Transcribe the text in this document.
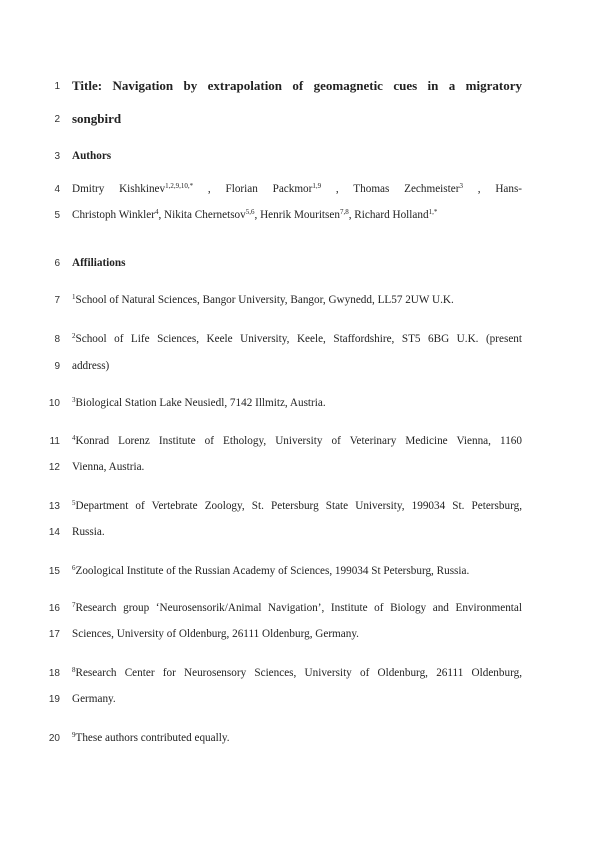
1
2
3
4
5
6
7
8
9
10
11
12
13
14
15
16
17
18
19
20
Title: Navigation by extrapolation of geomagnetic cues in a migratory
songbird
Authors
Dmitry Kishkinev$^{1,2,9,10,*}$ , Florian Packmor$^{1,9}$ , Thomas Zechmeister$^3$ , Hans-
Christoph Winkler$^4$, Nikita Chernetsov$^{5,6}$, Henrik Mouritsen$^{7,8}$, Richard Holland$^{1,*}$
Affiliations
$^1$School of Natural Sciences, Bangor University, Bangor, Gwynedd, LL57 2UW U.K.
$^2$School of Life Sciences, Keele University, Keele, Staffordshire, ST5 6BG U.K. (present
address)
$^3$Biological Station Lake Neusiedl, 7142 Illmitz, Austria.
$^4$Konrad Lorenz Institute of Ethology, University of Veterinary Medicine Vienna, 1160
Vienna, Austria.
$^5$Department of Vertebrate Zoology, St. Petersburg State University, 199034 St. Petersburg,
Russia.
$^6$Zoological Institute of the Russian Academy of Sciences, 199034 St Petersburg, Russia.
$^7$Research group ‘Neurosensorik/Animal Navigation’, Institute of Biology and Environmental
Sciences, University of Oldenburg, 26111 Oldenburg, Germany.
$^8$Research Center for Neurosensory Sciences, University of Oldenburg, 26111 Oldenburg,
Germany.
$^9$These authors contributed equally.
